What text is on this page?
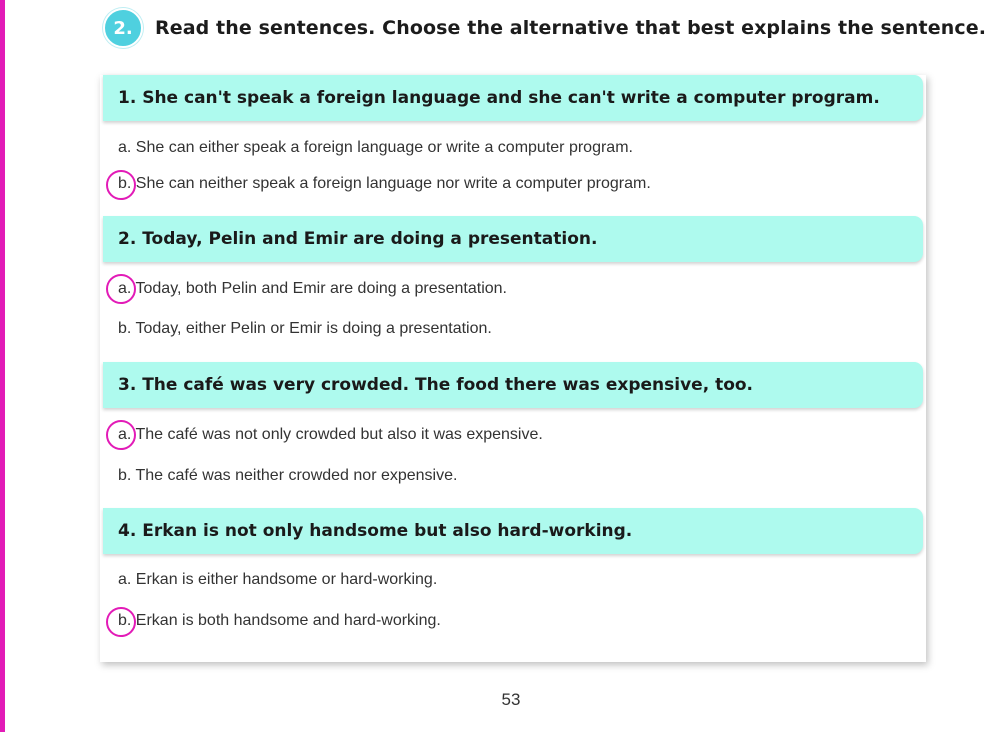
2.	Read the sentences. Choose the alternative that best explains the sentence.
1. She can't speak a foreign language and she can't write a computer program.
a. She can either speak a foreign language or write a computer program.
b. She can neither speak a foreign language nor write a computer program.
2. Today, Pelin and Emir are doing a presentation.
a. Today, both Pelin and Emir are doing a presentation.
b. Today, either Pelin or Emir is doing a presentation.
3. The café was very crowded. The food there was expensive, too.
a. The café was not only crowded but also it was expensive.
b. The café was neither crowded nor expensive.
4. Erkan is not only handsome but also hard-working.
a. Erkan is either handsome or hard-working.
b. Erkan is both handsome and hard-working.
53
